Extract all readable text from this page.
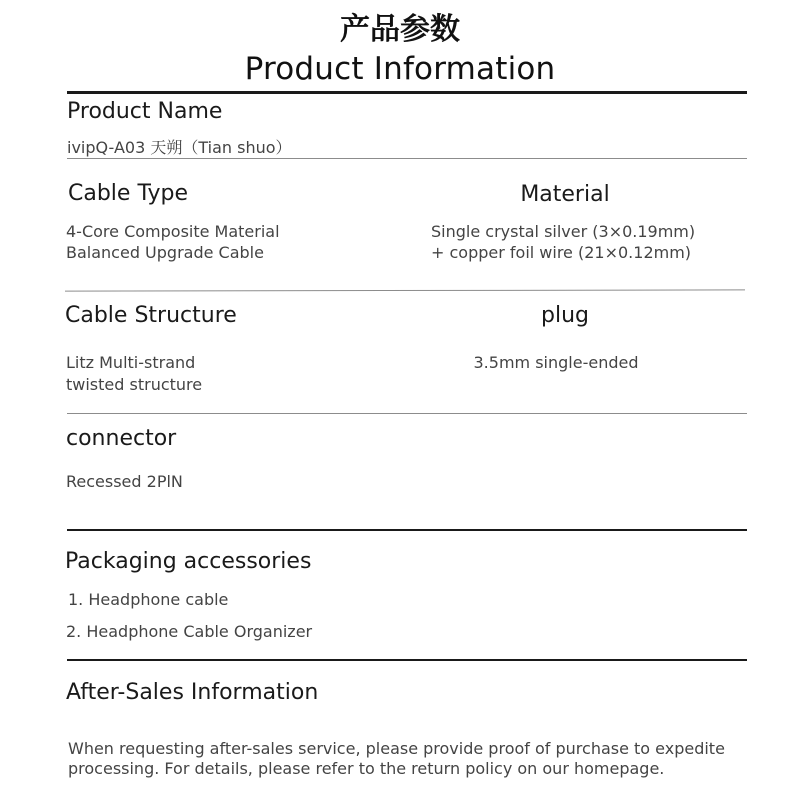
产品参数
Product Information
Product Name
ivipQ-A03 天朔（Tian shuo）
Cable Type
4-Core Composite Material
Balanced Upgrade Cable
Material
Single crystal silver (3×0.19mm)
+ copper foil wire (21×0.12mm)
Cable Structure
Litz Multi-strand
twisted structure
plug
3.5mm single-ended
connector
Recessed 2PlN
Packaging accessories
1. Headphone cable
2. Headphone Cable Organizer
After-Sales Information
When requesting after-sales service, please provide proof of purchase to expedite
processing. For details, please refer to the return policy on our homepage.
